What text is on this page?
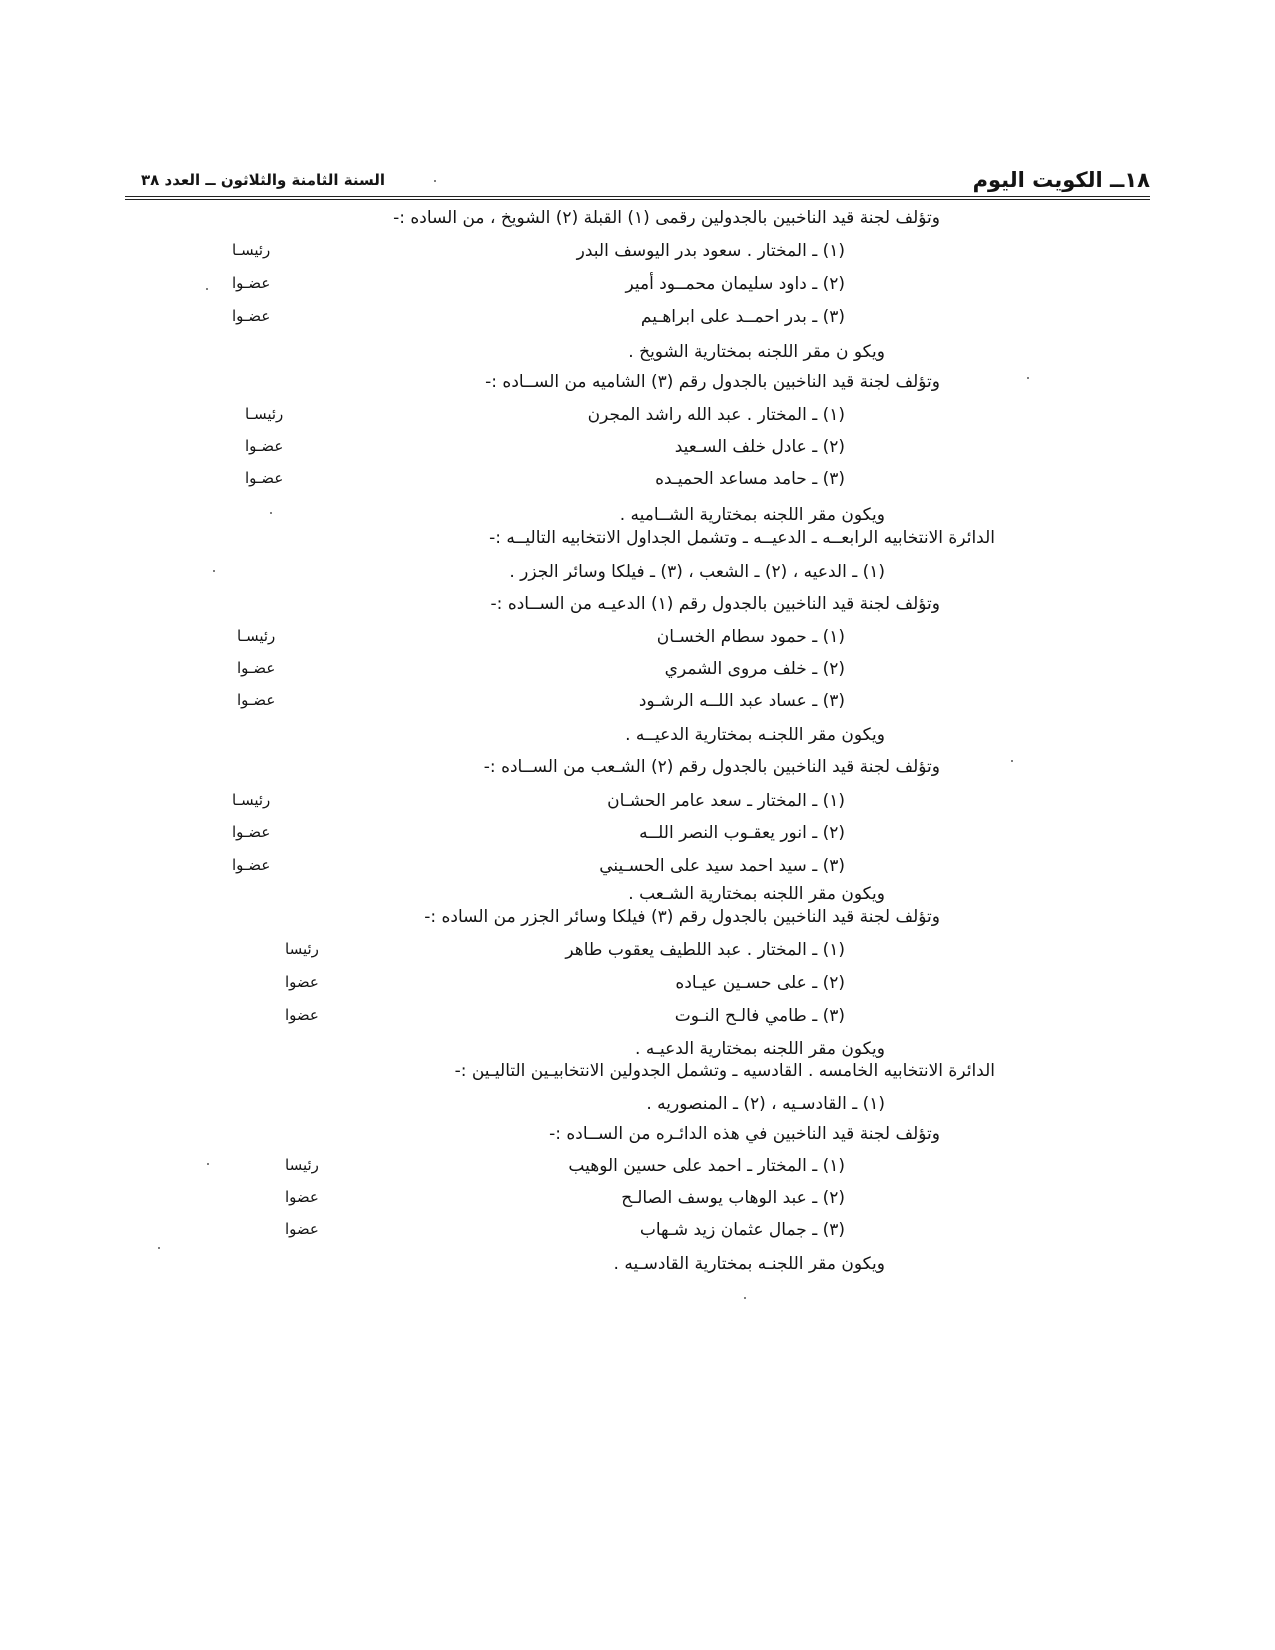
١٨ــ الكويت اليوم
السنة الثامنة والثلاثون ــ العدد ٣٨
وتؤلف لجنة قيد الناخبين بالجدولين رقمى (١) القبلة (٢) الشويخ ، من الساده :-
(١) ـ المختار . سعود بدر اليوسف البدر
رئيسـا
(٢) ـ داود سليمان محمــود أمير
عضـوا
(٣) ـ بدر احمــد على ابراهـيم
عضـوا
ويكو ن مقر اللجنه بمختارية الشويخ .
وتؤلف لجنة قيد الناخبين بالجدول رقم (٣) الشاميه من الســاده :-
(١) ـ المختار . عبد الله راشد المجرن
رئيسـا
(٢) ـ عادل خلف السـعيد
عضـوا
(٣) ـ حامد مساعد الحميـده
عضـوا
ويكون مقر اللجنه بمختارية الشــاميه .
الدائرة الانتخابيه الرابعــه ـ الدعيــه ـ وتشمل الجداول الانتخابيه التاليــه :-
(١) ـ الدعيه ، (٢) ـ الشعب ، (٣) ـ فيلكا وسائر الجزر .
وتؤلف لجنة قيد الناخبين بالجدول رقم (١) الدعيـه من الســاده :-
(١) ـ حمود سطام الخسـان
رئيسـا
(٢) ـ خلف مروى الشمري
عضـوا
(٣) ـ عساد عبد اللــه الرشـود
عضـوا
ويكون مقر اللجنـه بمختارية الدعيــه .
وتؤلف لجنة قيد الناخبين بالجدول رقم (٢) الشـعب من الســاده :-
(١) ـ المختار ـ سعد عامر الحشـان
رئيسـا
(٢) ـ انور يعقـوب النصر اللــه
عضـوا
(٣) ـ سيد احمد سيد على الحسـيني
عضـوا
ويكون مقر اللجنه بمختارية الشـعب .
وتؤلف لجنة قيد الناخبين بالجدول رقم (٣) فيلكا وسائر الجزر من الساده :-
(١) ـ المختار . عبد اللطيف يعقوب طاهر
رئيسا
(٢) ـ على حسـين عيـاده
عضوا
(٣) ـ طامي فالـح النـوت
عضوا
ويكون مقر اللجنه بمختارية الدعيـه .
الدائرة الانتخابيه الخامسه . القادسيه ـ وتشمل الجدولين الانتخابيـين التاليـين :-
(١) ـ القادسـيه ، (٢) ـ المنصوريه .
وتؤلف لجنة قيد الناخبين في هذه الدائـره من الســاده :-
(١) ـ المختار ـ احمد على حسين الوهيب
رئيسا
(٢) ـ عبد الوهاب يوسف الصالـح
عضوا
(٣) ـ جمال عثمان زيد شـهاب
عضوا
ويكون مقر اللجنـه بمختارية القادسـيه .
